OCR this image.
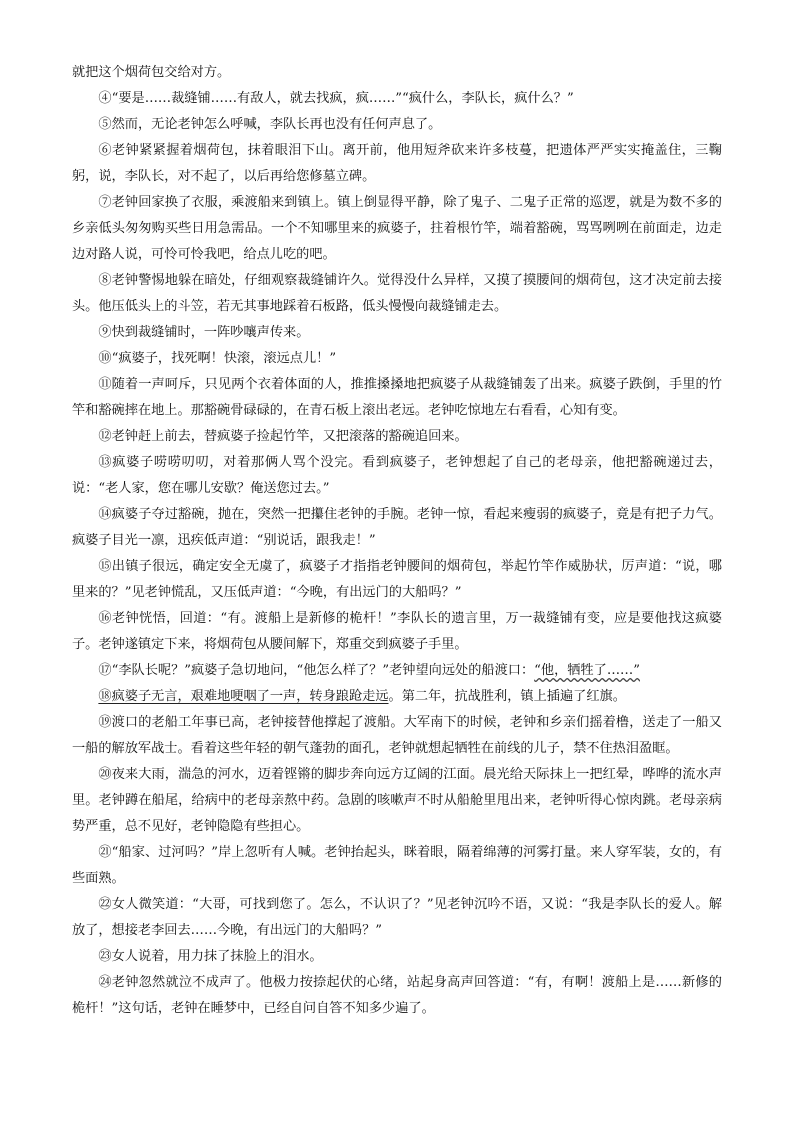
就把这个烟荷包交给对方。

④“要是……裁缝铺……有敌人，就去找疯，疯……”“疯什么，李队长，疯什么？”

⑤然而，无论老钟怎么呼喊，李队长再也没有任何声息了。

⑥老钟紧紧握着烟荷包，抹着眼泪下山。离开前，他用短斧砍来许多枝蔓，把遗体严严实实掩盖住，三鞠躬，说，李队长，对不起了，以后再给您修墓立碑。

⑦老钟回家换了衣服，乘渡船来到镇上。镇上倒显得平静，除了鬼子、二鬼子正常的巡逻，就是为数不多的乡亲低头匆匆购买些日用急需品。一个不知哪里来的疯婆子，拄着根竹竿，端着豁碗，骂骂咧咧在前面走，边走边对路人说，可怜可怜我吧，给点儿吃的吧。

⑧老钟警惕地躲在暗处，仔细观察裁缝铺许久。觉得没什么异样，又摸了摸腰间的烟荷包，这才决定前去接头。他压低头上的斗笠，若无其事地踩着石板路，低头慢慢向裁缝铺走去。

⑨快到裁缝铺时，一阵吵嚷声传来。

⑩“疯婆子，找死啊！快滚，滚远点儿！”

⑪随着一声呵斥，只见两个衣着体面的人，推推搡搡地把疯婆子从裁缝铺轰了出来。疯婆子跌倒，手里的竹竿和豁碗摔在地上。那豁碗骨碌碌的，在青石板上滚出老远。老钟吃惊地左右看看，心知有变。

⑫老钟赶上前去，替疯婆子捡起竹竿，又把滚落的豁碗追回来。

⑬疯婆子唠唠叨叨，对着那俩人骂个没完。看到疯婆子，老钟想起了自己的老母亲，他把豁碗递过去，说：“老人家，您在哪儿安歇？俺送您过去。”

⑭疯婆子夺过豁碗，抛在，突然一把攥住老钟的手腕。老钟一惊，看起来瘦弱的疯婆子，竟是有把子力气。疯婆子目光一凛，迅疾低声道：“别说话，跟我走！”

⑮出镇子很远，确定安全无虞了，疯婆子才指指老钟腰间的烟荷包，举起竹竿作威胁状，厉声道：“说，哪里来的？”见老钟慌乱，又压低声道：“今晚，有出远门的大船吗？”

⑯老钟恍悟，回道：“有。渡船上是新修的桅杆！”李队长的遗言里，万一裁缝铺有变，应是要他找这疯婆子。老钟遂镇定下来，将烟荷包从腰间解下，郑重交到疯婆子手里。

⑰“李队长呢？”疯婆子急切地问，“他怎么样了？”老钟望向远处的船渡口：“他，牺牲了……”

⑱疯婆子无言，艰难地哽咽了一声，转身踉跄走远。第二年，抗战胜利，镇上插遍了红旗。

⑲渡口的老船工年事已高，老钟接替他撑起了渡船。大军南下的时候，老钟和乡亲们摇着橹，送走了一船又一船的解放军战士。看着这些年轻的朝气蓬勃的面孔，老钟就想起牺牲在前线的儿子，禁不住热泪盈眶。

⑳夜来大雨，湍急的河水，迈着铿锵的脚步奔向远方辽阔的江面。晨光给天际抹上一把红晕，哗哗的流水声里。老钟蹲在船尾，给病中的老母亲熬中药。急剧的咳嗽声不时从船舱里甩出来，老钟听得心惊肉跳。老母亲病势严重，总不见好，老钟隐隐有些担心。

㉑“船家、过河吗？”岸上忽听有人喊。老钟抬起头，眯着眼，隔着绵薄的河雾打量。来人穿军装，女的，有些面熟。

㉒女人微笑道：“大哥，可找到您了。怎么，不认识了？”见老钟沉吟不语，又说：“我是李队长的爱人。解放了，想接老李回去……今晚，有出远门的大船吗？”

㉓女人说着，用力抹了抹脸上的泪水。

㉔老钟忽然就泣不成声了。他极力按捺起伏的心绪，站起身高声回答道：“有，有啊！渡船上是……新修的桅杆！”这句话，老钟在睡梦中，已经自问自答不知多少遍了。
